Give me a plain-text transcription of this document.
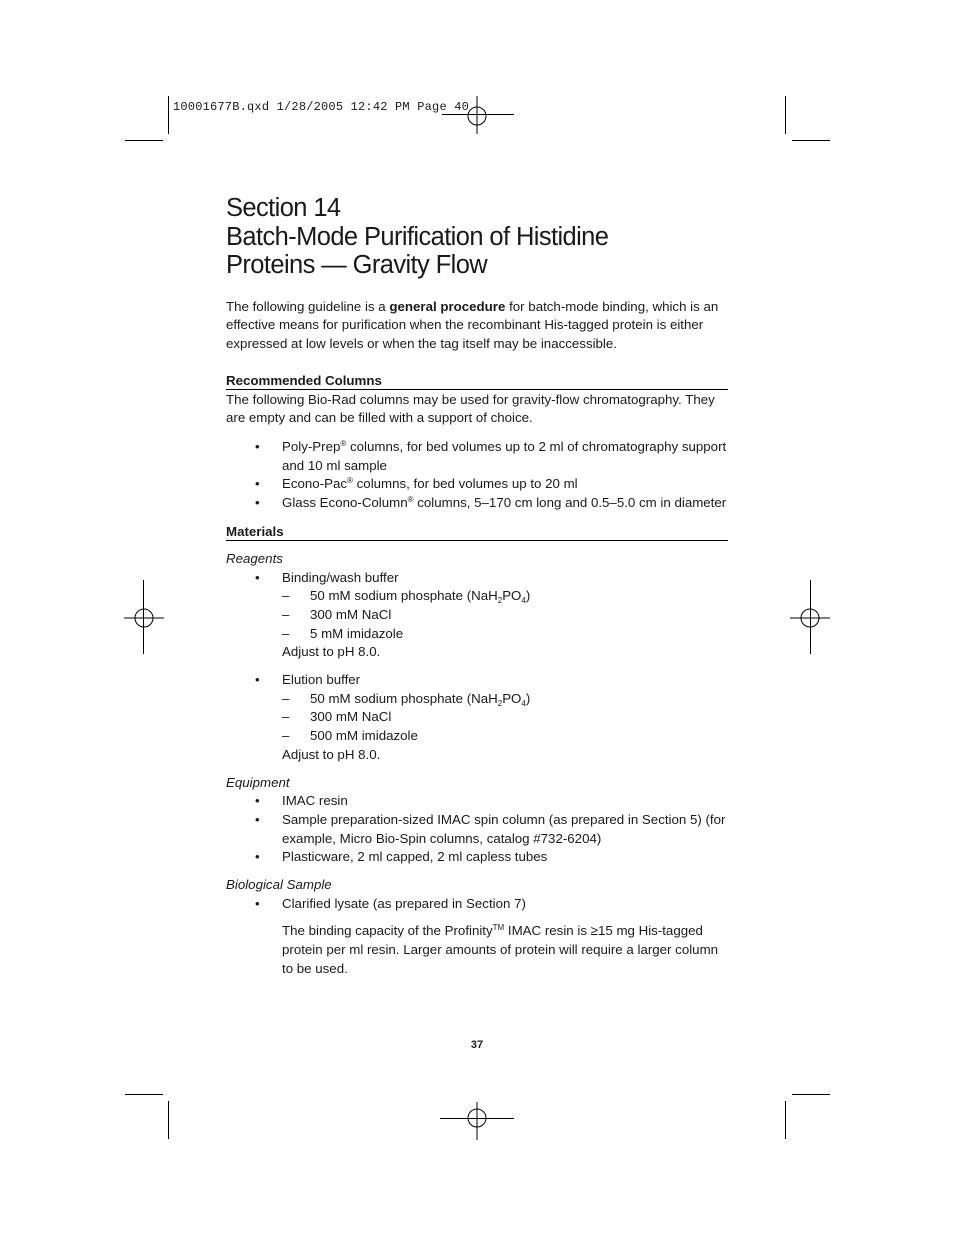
10001677B.qxd 1/28/2005 12:42 PM Page 40
Section 14
Batch-Mode Purification of Histidine
Proteins — Gravity Flow

The following guideline is a general procedure for batch-mode binding, which is an effective means for purification when the recombinant His-tagged protein is either expressed at low levels or when the tag itself may be inaccessible.

Recommended Columns

The following Bio-Rad columns may be used for gravity-flow chromatography. They are empty and can be filled with a support of choice.

• Poly-Prep® columns, for bed volumes up to 2 ml of chromatography support and 10 ml sample
• Econo-Pac® columns, for bed volumes up to 20 ml
• Glass Econo-Column® columns, 5–170 cm long and 0.5–5.0 cm in diameter
Materials
Reagents
• Binding/wash buffer
– 50 mM sodium phosphate $(NaH_2PO_4)$
– 300 mM NaCl
– 5 mM imidazole
Adjust to pH 8.0.
• Elution buffer
– 50 mM sodium phosphate $(NaH_2PO_4)$
– 300 mM NaCl
– 500 mM imidazole
Adjust to pH 8.0.
Equipment
• IMAC resin
• Sample preparation-sized IMAC spin column (as prepared in Section 5) (for example, Micro Bio-Spin columns, catalog #732-6204)
• Plasticware, 2 ml capped, 2 ml capless tubes
Biological Sample
• Clarified lysate (as prepared in Section 7)

The binding capacity of the Profinity™ IMAC resin is ≥15 mg His-tagged protein per ml resin. Larger amounts of protein will require a larger column to be used.

37
